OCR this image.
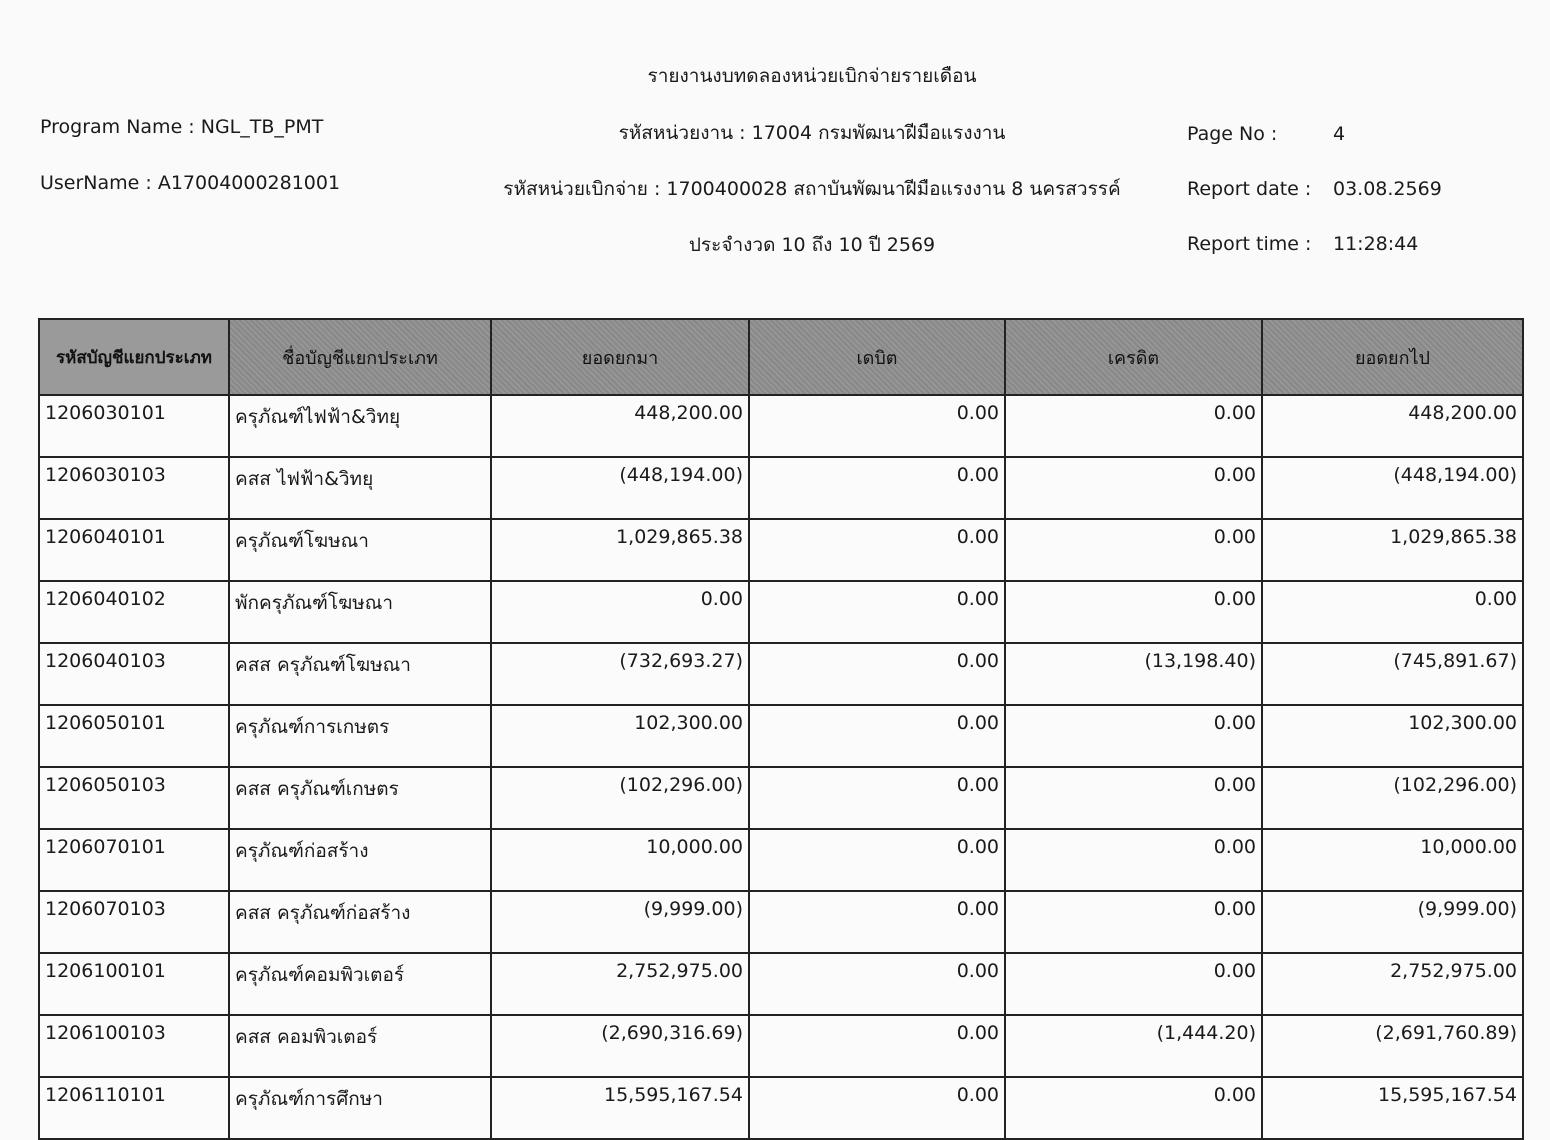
รายงานงบทดลองหน่วยเบิกจ่ายรายเดือน
Program Name : NGL_TB_PMT
UserName : A17004000281001
รหัสหน่วยงาน : 17004 กรมพัฒนาฝีมือแรงงาน
รหัสหน่วยเบิกจ่าย : 1700400028 สถาบันพัฒนาฝีมือแรงงาน 8 นครสวรรค์
ประจำงวด 10 ถึง 10 ปี 2569
Page No :	4
Report date : 03.08.2569
Report time : 11:28:44
รหัสบัญชีแยกประเภท	ชื่อบัญชีแยกประเภท	ยอดยกมา	เดบิต	เครดิต	ยอดยกไป
1206030101	ครุภัณฑ์ไฟฟ้า&วิทยุ	448,200.00	0.00	0.00	448,200.00
1206030103	คสส ไฟฟ้า&วิทยุ	(448,194.00)	0.00	0.00	(448,194.00)
1206040101	ครุภัณฑ์โฆษณา	1,029,865.38	0.00	0.00	1,029,865.38
1206040102	พักครุภัณฑ์โฆษณา	0.00	0.00	0.00	0.00
1206040103	คสส ครุภัณฑ์โฆษณา	(732,693.27)	0.00	(13,198.40)	(745,891.67)
1206050101	ครุภัณฑ์การเกษตร	102,300.00	0.00	0.00	102,300.00
1206050103	คสส ครุภัณฑ์เกษตร	(102,296.00)	0.00	0.00	(102,296.00)
1206070101	ครุภัณฑ์ก่อสร้าง	10,000.00	0.00	0.00	10,000.00
1206070103	คสส ครุภัณฑ์ก่อสร้าง	(9,999.00)	0.00	0.00	(9,999.00)
1206100101	ครุภัณฑ์คอมพิวเตอร์	2,752,975.00	0.00	0.00	2,752,975.00
1206100103	คสส คอมพิวเตอร์	(2,690,316.69)	0.00	(1,444.20)	(2,691,760.89)
1206110101	ครุภัณฑ์การศึกษา	15,595,167.54	0.00	0.00	15,595,167.54
